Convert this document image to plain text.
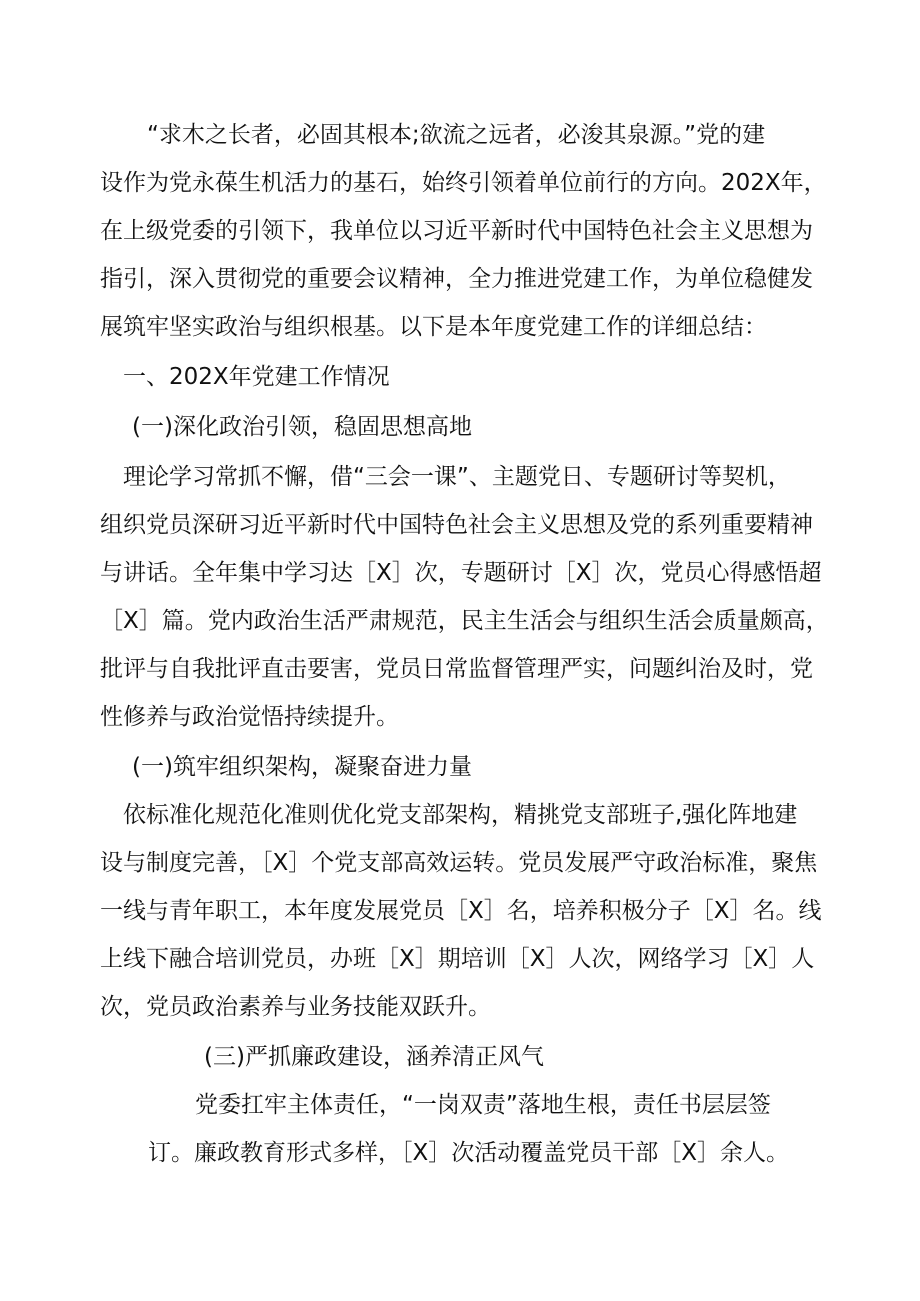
“求木之长者，必固其根本;欲流之远者，必浚其泉源。”党的建
设作为党永葆生机活力的基石，始终引领着单位前行的方向。202X年，
在上级党委的引领下，我单位以习近平新时代中国特色社会主义思想为
指引，深入贯彻党的重要会议精神，全力推进党建工作，为单位稳健发
展筑牢坚实政治与组织根基。以下是本年度党建工作的详细总结：
一、202X年党建工作情况
(一)深化政治引领，稳固思想高地
理论学习常抓不懈，借“三会一课”、主题党日、专题研讨等契机，
组织党员深研习近平新时代中国特色社会主义思想及党的系列重要精神
与讲话。全年集中学习达［X］次，专题研讨［X］次，党员心得感悟超
［X］篇。党内政治生活严肃规范，民主生活会与组织生活会质量颇高，
批评与自我批评直击要害，党员日常监督管理严实，问题纠治及时，党
性修养与政治觉悟持续提升。
(一)筑牢组织架构，凝聚奋进力量
依标准化规范化准则优化党支部架构，精挑党支部班子,强化阵地建
设与制度完善，［X］个党支部高效运转。党员发展严守政治标准，聚焦
一线与青年职工，本年度发展党员［X］名，培养积极分子［X］名。线
上线下融合培训党员，办班［X］期培训［X］人次，网络学习［X］人
次，党员政治素养与业务技能双跃升。
(三)严抓廉政建设，涵养清正风气
党委扛牢主体责任，“一岗双责”落地生根，责任书层层签
订。廉政教育形式多样，［X］次活动覆盖党员干部［X］余人。
